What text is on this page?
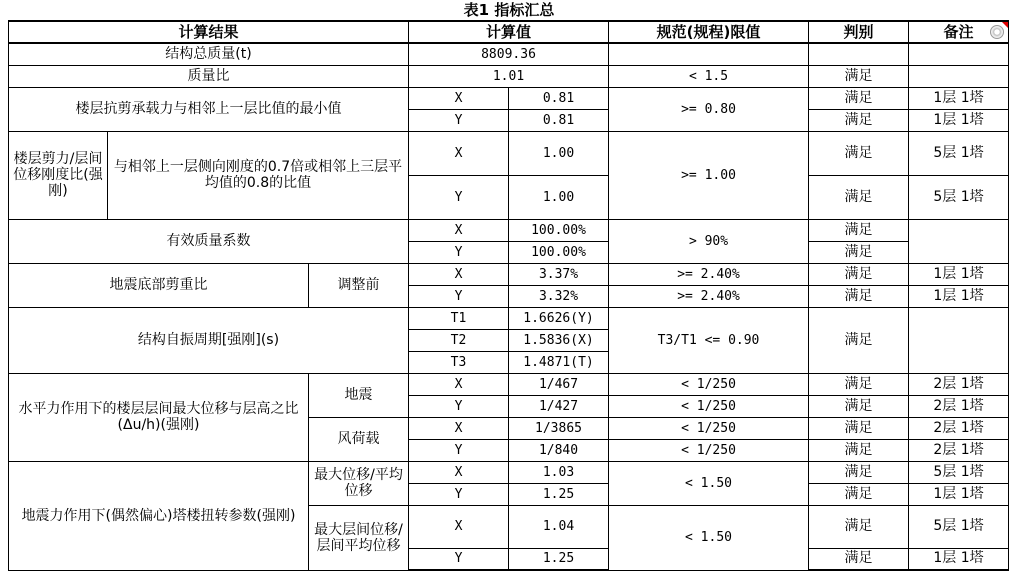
表1 指标汇总
计算结果			计算值		规范(规程)限值	判别	备注

结构总质量(t)			8809.36				
质量比			1.01		< 1.5	满足	
楼层抗剪承载力与相邻上一层比值的最小值			X	0.81	>= 0.80	满足	1层 1塔
			Y	0.81		满足	1层 1塔
楼层剪力/层间位移刚度比(强刚)	与相邻上一层侧向刚度的0.7倍或相邻上三层平均值的0.8的比值		X	1.00	>= 1.00	满足	5层 1塔
			Y	1.00		满足	5层 1塔
有效质量系数			X	100.00%	> 90%	满足	
			Y	100.00%		满足	
地震底部剪重比		调整前	X	3.37%	>= 2.40%	满足	1层 1塔
			Y	3.32%	>= 2.40%	满足	1层 1塔
结构自振周期[强刚](s)			T1	1.6626(Y)	T3/T1 <= 0.90	满足	
			T2	1.5836(X)			
			T3	1.4871(T)			
水平力作用下的楼层层间最大位移与层高之比(Δu/h)(强刚)		地震	X	1/467	< 1/250	满足	2层 1塔
			Y	1/427	< 1/250	满足	2层 1塔
		风荷载	X	1/3865	< 1/250	满足	2层 1塔
			Y	1/840	< 1/250	满足	2层 1塔
地震力作用下(偶然偏心)塔楼扭转参数(强刚)		最大位移/平均位移	X	1.03	< 1.50	满足	5层 1塔
			Y	1.25		满足	1层 1塔
		最大层间位移/层间平均位移	X	1.04	< 1.50	满足	5层 1塔
			Y	1.25		满足	1层 1塔
